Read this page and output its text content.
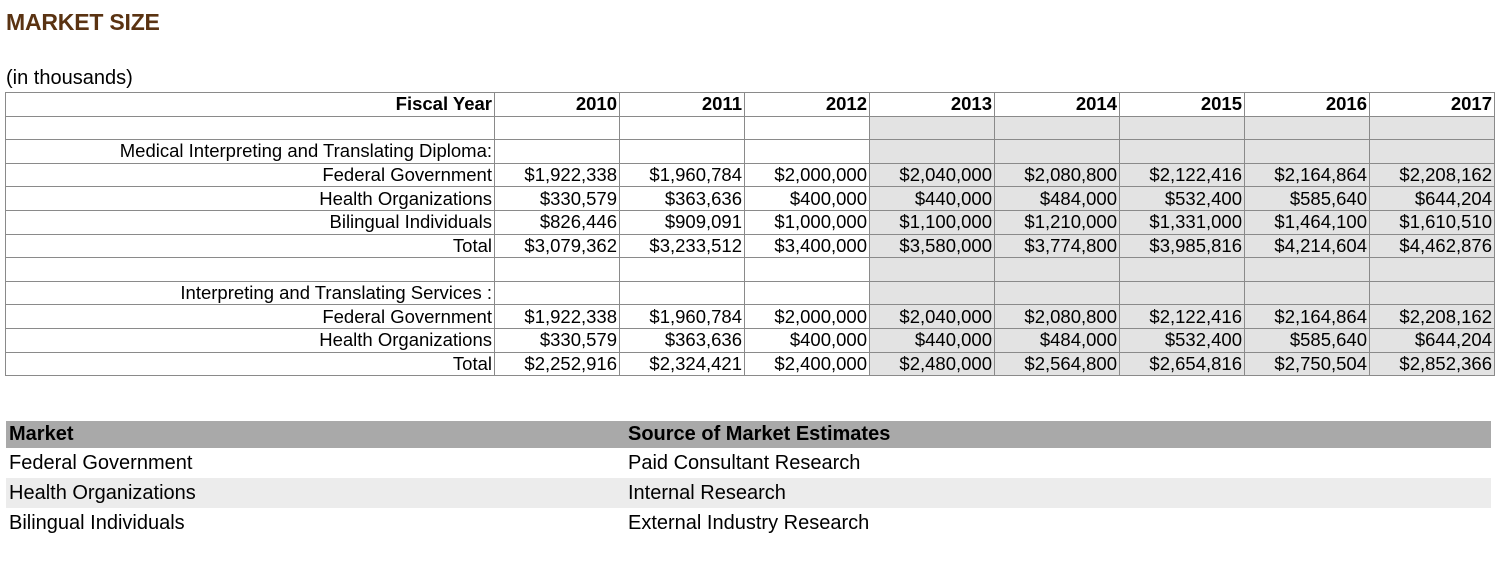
MARKET SIZE
(in thousands)
Fiscal Year	2010	2011	2012	2013	2014	2015	2016	2017

Medical Interpreting and Translating Diploma:								
Federal Government	$1,922,338	$1,960,784	$2,000,000	$2,040,000	$2,080,800	$2,122,416	$2,164,864	$2,208,162
Health Organizations	$330,579	$363,636	$400,000	$440,000	$484,000	$532,400	$585,640	$644,204
Bilingual Individuals	$826,446	$909,091	$1,000,000	$1,100,000	$1,210,000	$1,331,000	$1,464,100	$1,610,510
Total	$3,079,362	$3,233,512	$3,400,000	$3,580,000	$3,774,800	$3,985,816	$4,214,604	$4,462,876

Interpreting and Translating Services :								
Federal Government	$1,922,338	$1,960,784	$2,000,000	$2,040,000	$2,080,800	$2,122,416	$2,164,864	$2,208,162
Health Organizations	$330,579	$363,636	$400,000	$440,000	$484,000	$532,400	$585,640	$644,204
Total	$2,252,916	$2,324,421	$2,400,000	$2,480,000	$2,564,800	$2,654,816	$2,750,504	$2,852,366
Market	Source of Market Estimates
Federal Government	Paid Consultant Research
Health Organizations	Internal Research
Bilingual Individuals	External Industry Research
